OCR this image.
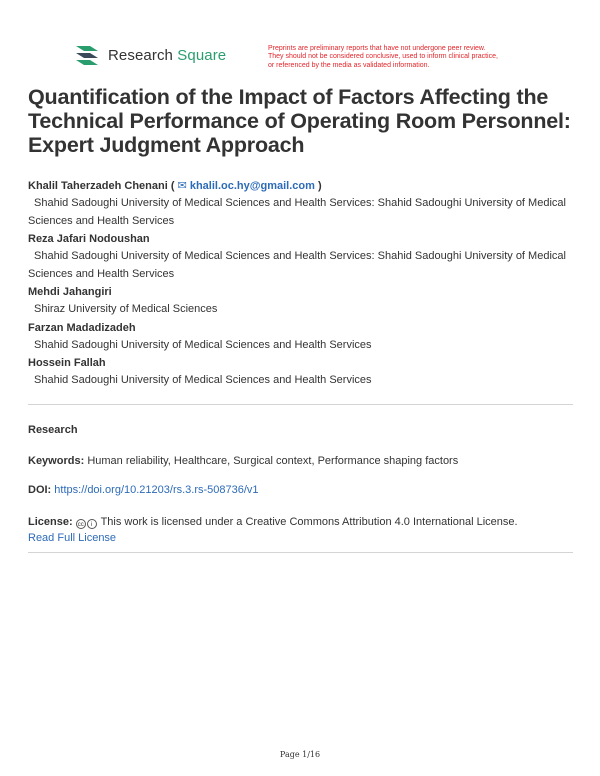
Research Square	Preprints are preliminary reports that have not undergone peer review.
They should not be considered conclusive, used to inform clinical practice,
or referenced by the media as validated information.
Quantification of the Impact of Factors Affecting the Technical Performance of Operating Room Personnel: Expert Judgment Approach
Khalil Taherzadeh Chenani ( ✉ khalil.oc.hy@gmail.com )
Shahid Sadoughi University of Medical Sciences and Health Services: Shahid Sadoughi University of Medical Sciences and Health Services
Reza Jafari Nodoushan
Shahid Sadoughi University of Medical Sciences and Health Services: Shahid Sadoughi University of Medical Sciences and Health Services
Mehdi Jahangiri
Shiraz University of Medical Sciences
Farzan Madadizadeh
Shahid Sadoughi University of Medical Sciences and Health Services
Hossein Fallah
Shahid Sadoughi University of Medical Sciences and Health Services
Research
Keywords: Human reliability, Healthcare, Surgical context, Performance shaping factors
DOI: https://doi.org/10.21203/rs.3.rs-508736/v1
License: cc i This work is licensed under a Creative Commons Attribution 4.0 International License.
Read Full License
Page 1/16
